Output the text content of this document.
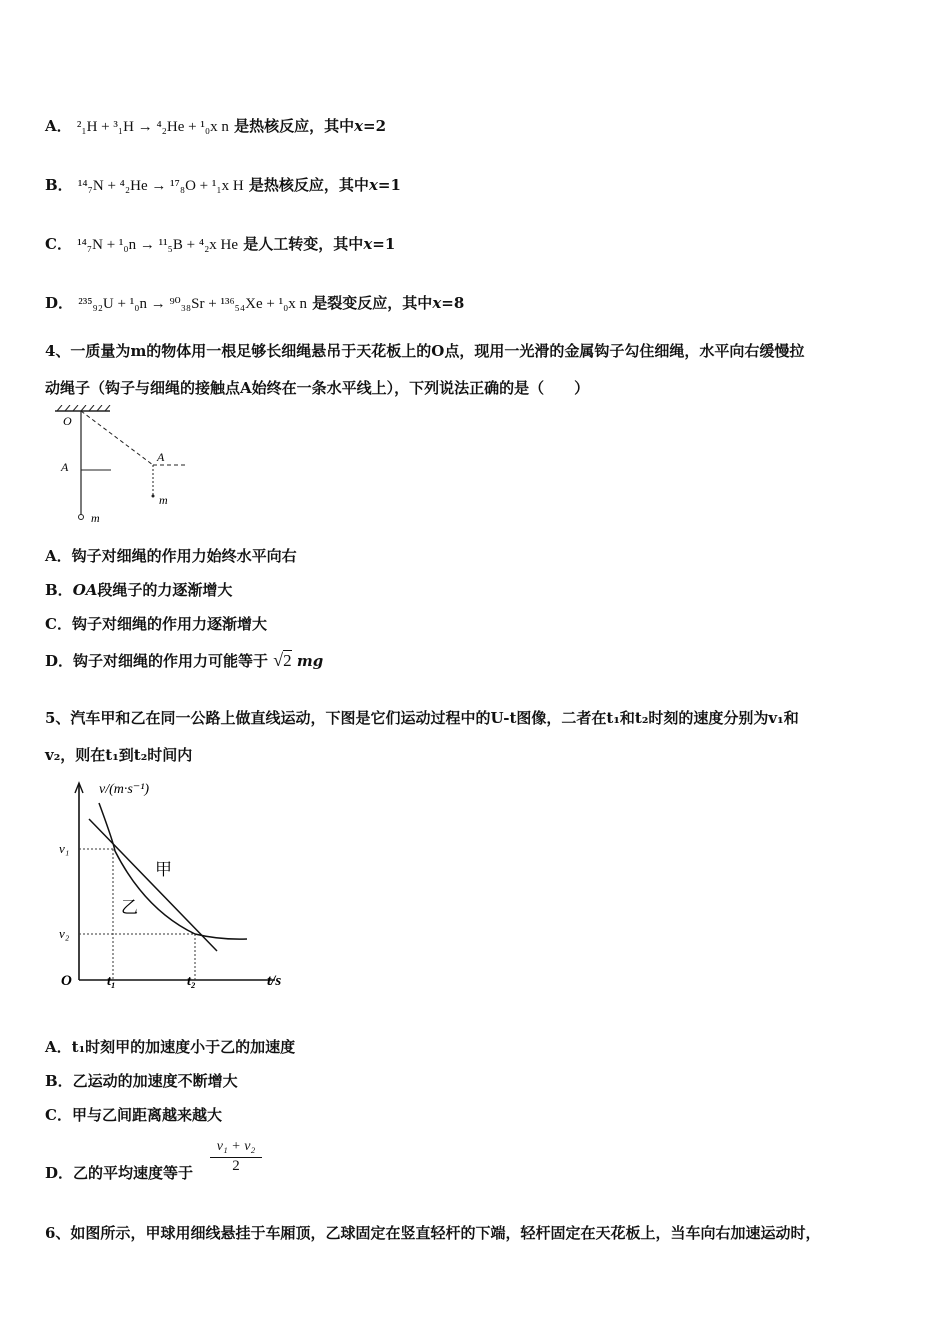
A． ²₁H + ³₁H → ⁴₂He + ¹₀x n 是热核反应，其中x=2
B． ¹⁴₇N + ⁴₂He → ¹⁷₈O + ¹₁x H 是热核反应，其中x=1
C． ¹⁴₇N + ¹₀n → ¹¹₅B + ⁴₂x He 是人工转变，其中x=1
D． ²³⁵₉₂U + ¹₀n → ⁹⁰₃₈Sr + ¹³⁶₅₄Xe + ¹₀x n 是裂变反应，其中x=8
4、一质量为m的物体用一根足够长细绳悬吊于天花板上的O点，现用一光滑的金属钩子勾住细绳，水平向右缓慢拉
动绳子（钩子与细绳的接触点A始终在一条水平线上），下列说法正确的是（　　）
O
A
A
m
m
A．钩子对细绳的作用力始终水平向右
B．OA段绳子的力逐渐增大
C．钩子对细绳的作用力逐渐增大
D．钩子对细绳的作用力可能等于 √2 mg
5、汽车甲和乙在同一公路上做直线运动，下图是它们运动过程中的U-t图像，二者在t₁和t₂时刻的速度分别为v₁和
v₂，则在t₁到t₂时间内
v/(m·s⁻¹)
t/s
O
v₁
v₂
t₁	t₂
甲
乙
A．t₁时刻甲的加速度小于乙的加速度
B．乙运动的加速度不断增大
C．甲与乙间距离越来越大
D．乙的平均速度等于 $\frac{\text{v₁ + v₂}}{2}$
6、如图所示，甲球用细线悬挂于车厢顶，乙球固定在竖直轻杆的下端，轻杆固定在天花板上，当车向右加速运动时，
